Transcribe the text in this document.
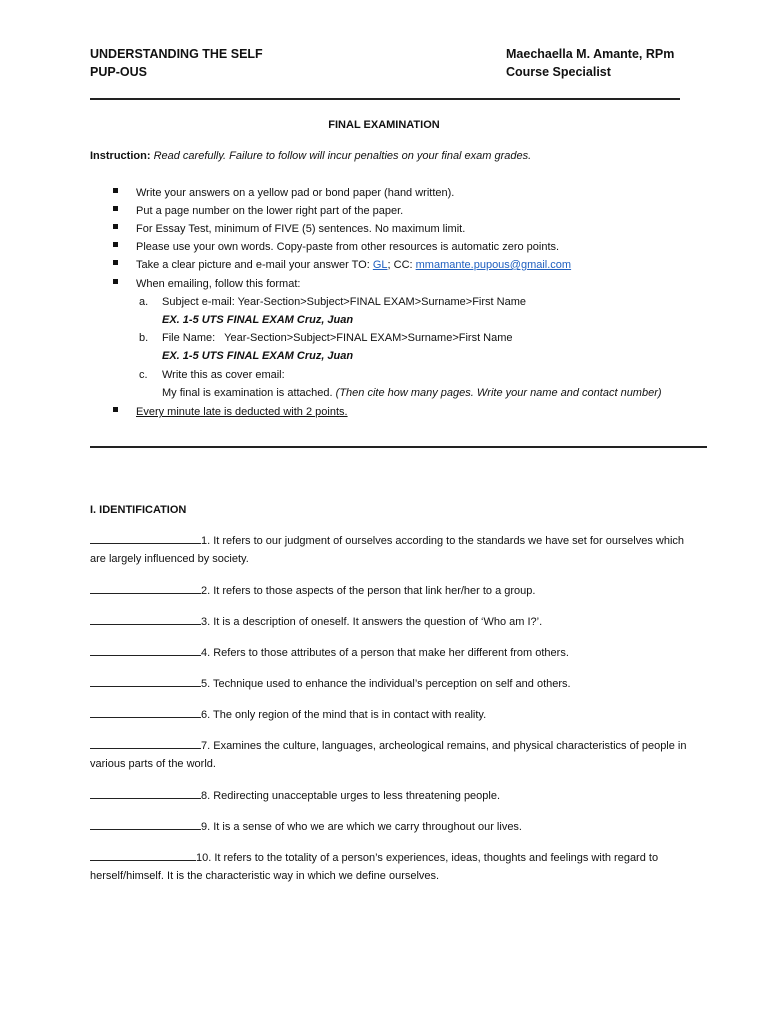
UNDERSTANDING THE SELF
PUP-OUS
Maechaella M. Amante, RPm
Course Specialist
FINAL EXAMINATION
Instruction: Read carefully. Failure to follow will incur penalties on your final exam grades.
Write your answers on a yellow pad or bond paper (hand written).
Put a page number on the lower right part of the paper.
For Essay Test, minimum of FIVE (5) sentences. No maximum limit.
Please use your own words. Copy-paste from other resources is automatic zero points.
Take a clear picture and e-mail your answer TO: GL; CC: mmamante.pupous@gmail.com
When emailing, follow this format:
a. Subject e-mail: Year-Section>Subject>FINAL EXAM>Surname>First Name
EX. 1-5 UTS FINAL EXAM Cruz, Juan
b. File Name:   Year-Section>Subject>FINAL EXAM>Surname>First Name
EX. 1-5 UTS FINAL EXAM Cruz, Juan
c. Write this as cover email:
My final is examination is attached. (Then cite how many pages. Write your name and contact number)
Every minute late is deducted with 2 points.
I. IDENTIFICATION
1. It refers to our judgment of ourselves according to the standards we have set for ourselves which are largely influenced by society.
2. It refers to those aspects of the person that link her/her to a group.
3. It is a description of oneself. It answers the question of ‘Who am I?’.
4. Refers to those attributes of a person that make her different from others.
5. Technique used to enhance the individual’s perception on self and others.
6. The only region of the mind that is in contact with reality.
7. Examines the culture, languages, archeological remains, and physical characteristics of people in various parts of the world.
8. Redirecting unacceptable urges to less threatening people.
9. It is a sense of who we are which we carry throughout our lives.
10. It refers to the totality of a person’s experiences, ideas, thoughts and feelings with regard to herself/himself. It is the characteristic way in which we define ourselves.
